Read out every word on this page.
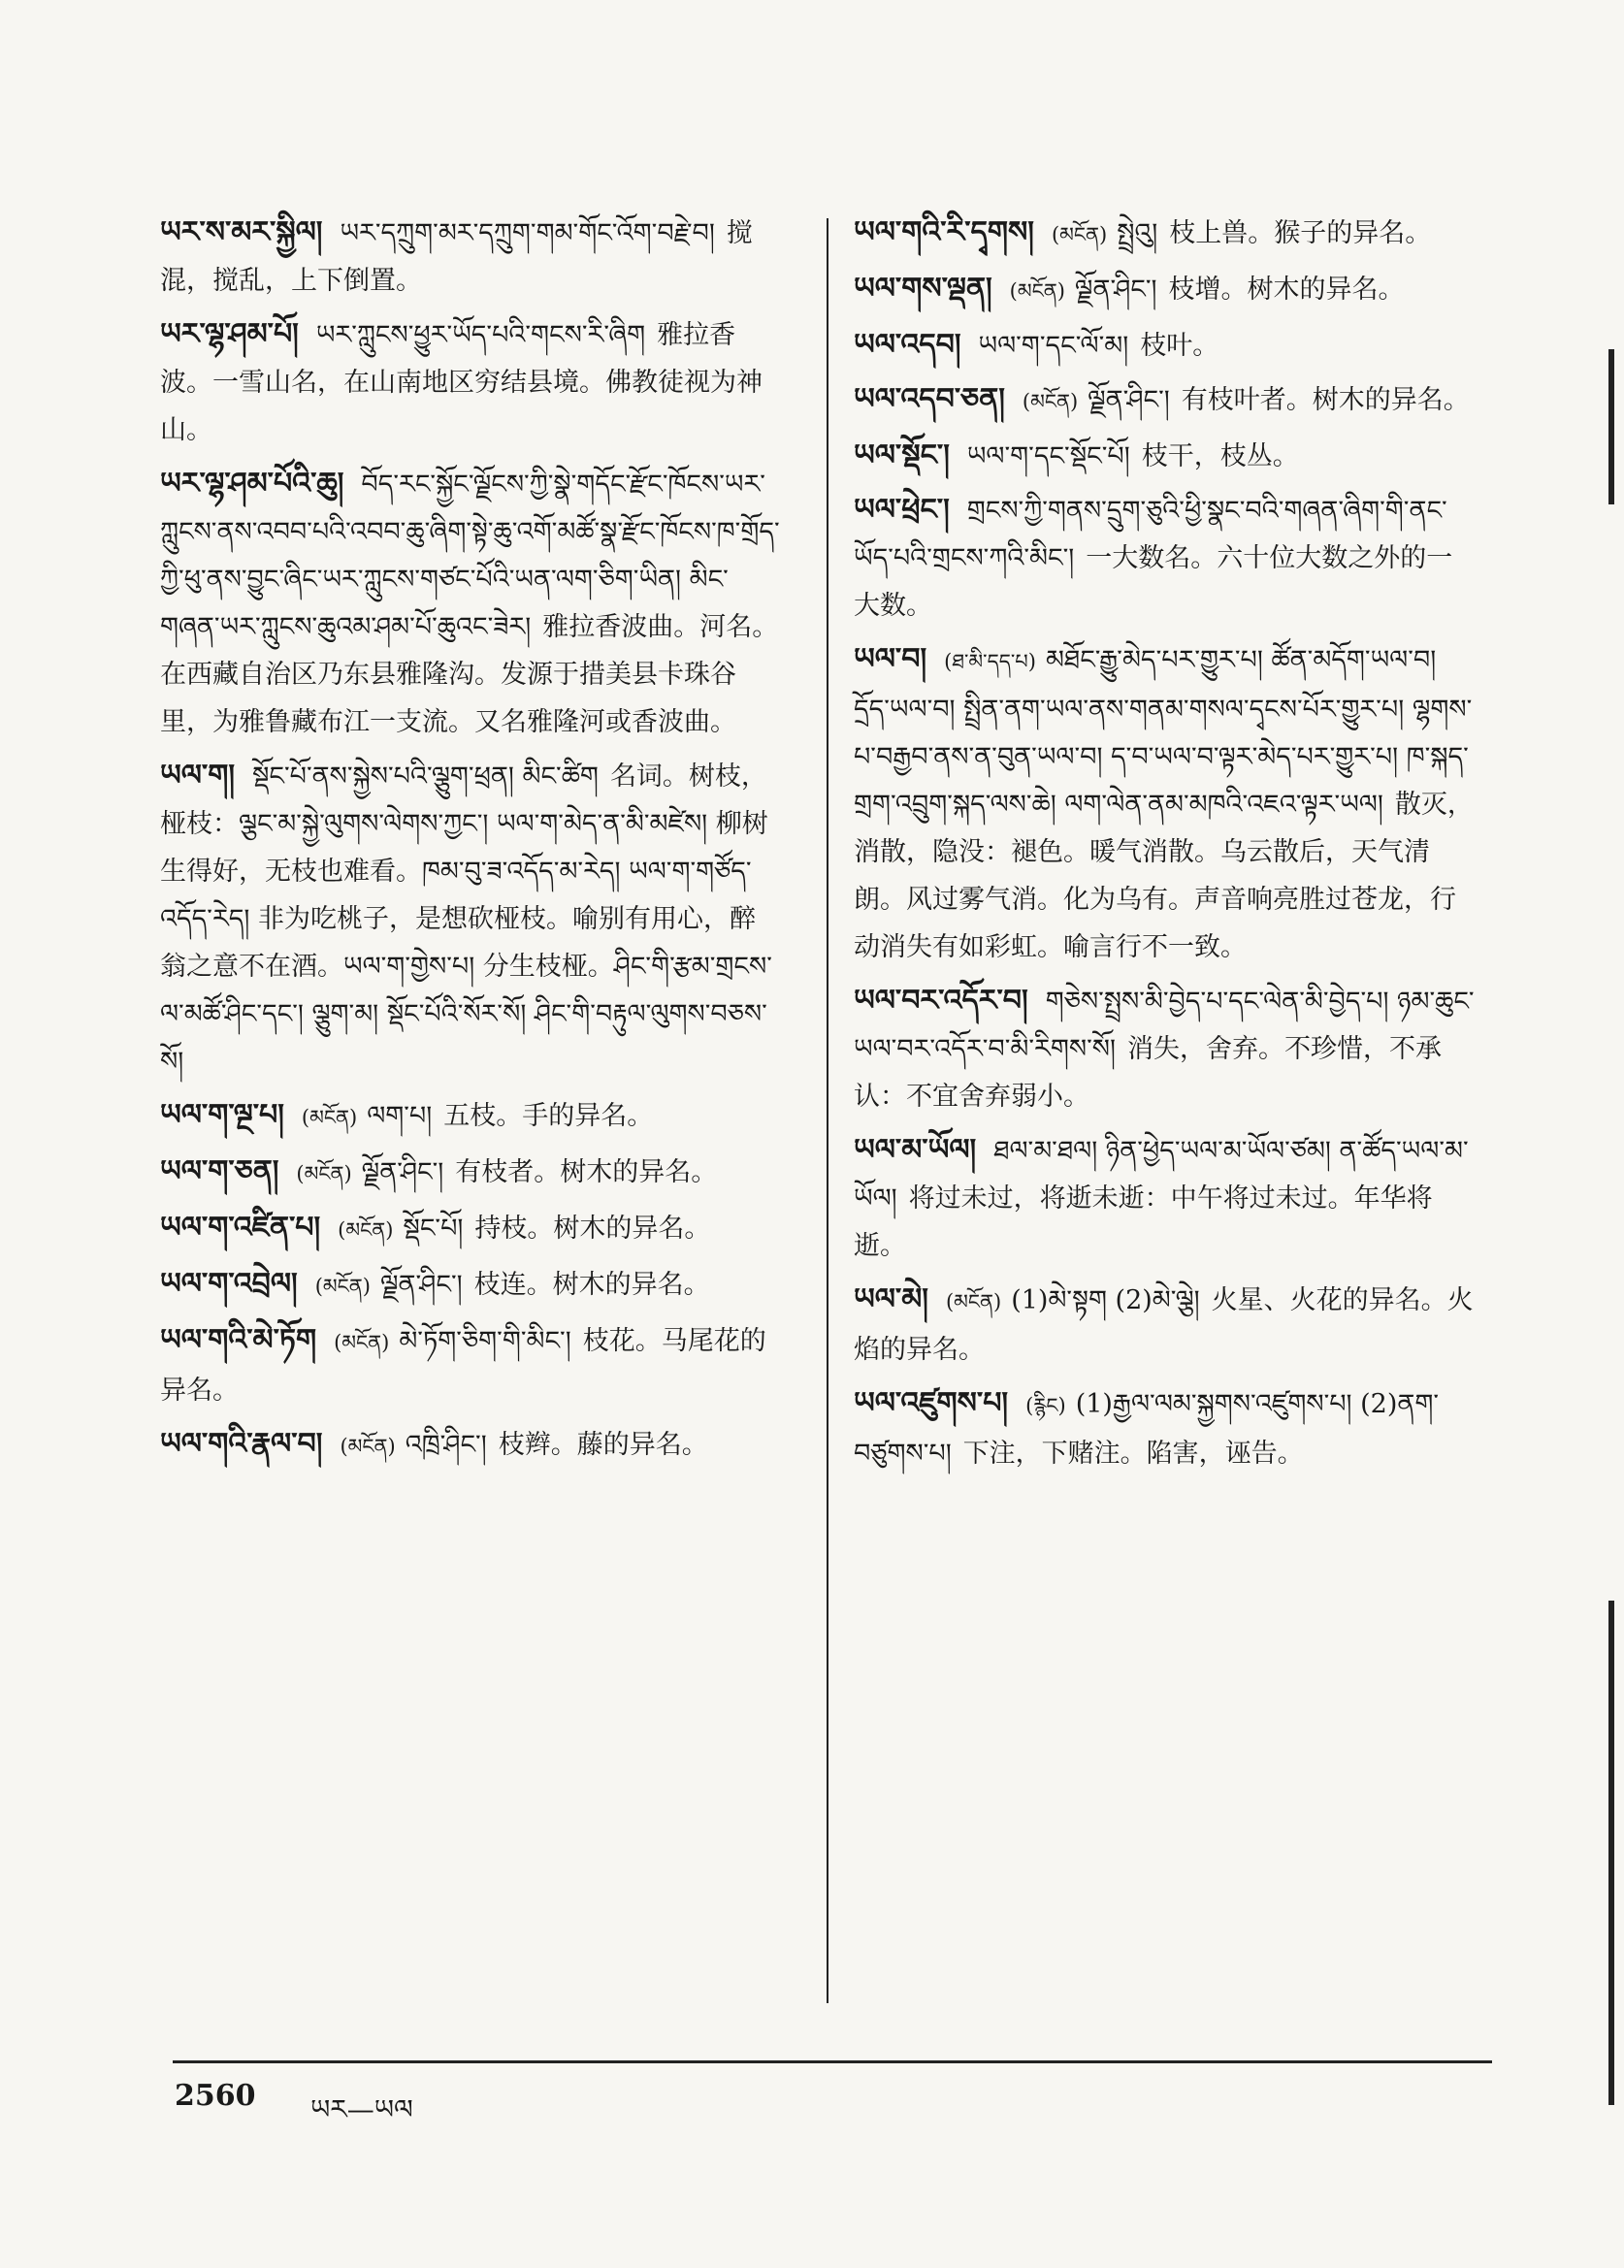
ཡར་ས་མར་སྐྱིལ། ཡར་དཀྲུག་མར་དཀྲུག་གམ་གོང་འོག་བརྗེ་བ། 搅混，搅乱，上下倒置。
ཡར་ལྷ་ཤམ་པོ། ཡར་ཀླུངས་ཕྱུར་ཡོད་པའི་གངས་རི་ཞིག 雅拉香波。一雪山名，在山南地区穷结县境。佛教徒视为神山。
ཡར་ལྷ་ཤམ་པོའི་ཆུ། བོད་རང་སྐྱོང་ལྗོངས་ཀྱི་སྣེ་གདོང་རྫོང་ཁོངས་ཡར་ཀླུངས་ནས་འབབ་པའི་འབབ་ཆུ་ཞིག་སྟེ་ཆུ་འགོ་མཚོ་སྣ་རྫོང་ཁོངས་ཁ་གྲོད་ཀྱི་ཕུ་ནས་བྱུང་ཞིང་ཡར་ཀླུངས་གཙང་པོའི་ཡན་ལག་ཅིག་ཡིན། མིང་གཞན་ཡར་ཀླུངས་ཆུའམ་ཤམ་པོ་ཆུའང་ཟེར། 雅拉香波曲。河名。在西藏自治区乃东县雅隆沟。发源于措美县卡珠谷里，为雅鲁藏布江一支流。又名雅隆河或香波曲。
ཡལ་ག། སྡོང་པོ་ནས་སྐྱེས་པའི་ལྕུག་ཕྲན། མིང་ཚིག 名词。树枝，桠枝：ལྕང་མ་སྐྱེ་ལུགས་ལེགས་ཀྱང་། ཡལ་ག་མེད་ན་མི་མཛེས། 柳树生得好，无枝也难看。ཁམ་བུ་ཟ་འདོད་མ་རེད། ཡལ་ག་གཙོད་འདོད་རེད། 非为吃桃子，是想砍桠枝。喻别有用心，醉翁之意不在酒。ཡལ་ག་གྱེས་པ། 分生枝桠。ཤིང་གི་རྩམ་གྲངས་ལ་མཚོ་ཤིང་དང་། ལྕུག་མ། སྡོང་པོའི་སོར་སོ། ཤིང་གི་བརྟུལ་ལུགས་བཅས་སོ།
ཡལ་ག་ལྔ་པ། (མངོན) ལག་པ། 五枝。手的异名。
ཡལ་ག་ཅན། (མངོན) ལྗོན་ཤིང་། 有枝者。树木的异名。
ཡལ་ག་འཛིན་པ། (མངོན) སྡོང་པོ། 持枝。树木的异名。
ཡལ་ག་འབྲེལ། (མངོན) ལྗོན་ཤིང་། 枝连。树木的异名。
ཡལ་གའི་མེ་ཏོག (མངོན) མེ་ཏོག་ཅིག་གི་མིང་། 枝花。马尾花的异名。
ཡལ་གའི་རྣལ་བ། (མངོན) འཁྲི་ཤིང་། 枝辫。藤的异名。
ཡལ་གའི་རི་དྭགས། (མངོན) སྤྲེའུ། 枝上兽。猴子的异名。
ཡལ་གས་ལྡན། (མངོན) ལྗོན་ཤིང་། 枝增。树木的异名。
ཡལ་འདབ། ཡལ་ག་དང་ལོ་མ། 枝叶。
ཡལ་འདབ་ཅན། (མངོན) ལྗོན་ཤིང་། 有枝叶者。树木的异名。
ཡལ་སྡོང་། ཡལ་ག་དང་སྡོང་པོ། 枝干，枝丛。
ཡལ་ཕྲེང་། གྲངས་ཀྱི་གནས་དྲུག་ཅུའི་ཕྱི་སྣང་བའི་གཞན་ཞིག་གི་ནང་ཡོད་པའི་གྲངས་ཀའི་མིང་། 一大数名。六十位大数之外的一大数。
ཡལ་བ། (ཐ་མི་དད་པ) མཐོང་རྒྱུ་མེད་པར་གྱུར་པ། ཚོན་མདོག་ཡལ་བ། དྲོད་ཡལ་བ། སྤྲིན་ནག་ཡལ་ནས་གནམ་གསལ་དྭངས་པོར་གྱུར་པ། ལྷགས་པ་བརྒྱབ་ནས་ན་བུན་ཡལ་བ། ད་བ་ཡལ་བ་ལྟར་མེད་པར་གྱུར་པ། ཁ་སྐད་གྲག་འབྲུག་སྐད་ལས་ཆེ། ལག་ལེན་ནམ་མཁའི་འཇའ་ལྟར་ཡལ། 散灭，消散，隐没：褪色。暖气消散。乌云散后，天气清朗。风过雾气消。化为乌有。声音响亮胜过苍龙，行动消失有如彩虹。喻言行不一致。
ཡལ་བར་འདོར་བ། གཅེས་སྤྲས་མི་བྱེད་པ་དང་ལེན་མི་བྱེད་པ། ཉམ་ཆུང་ཡལ་བར་འདོར་བ་མི་རིགས་སོ། 消失，舍弃。不珍惜，不承认：不宜舍弃弱小。
ཡལ་མ་ཡོལ། ཐལ་མ་ཐལ། ཉིན་ཕྱེད་ཡལ་མ་ཡོལ་ཙམ། ན་ཚོད་ཡལ་མ་ཡོལ། 将过未过，将逝未逝：中午将过未过。年华将逝。
ཡལ་མེ། (མངོན) (1)མེ་སྟག (2)མེ་ལྕེ། 火星、火花的异名。火焰的异名。
ཡལ་འཛུགས་པ། (རྙིང) (1)རྒྱལ་ལམ་སྐྱགས་འཛུགས་པ། (2)ནག་བཙུགས་པ། 下注，下赌注。陷害，诬告。
2560 ཡར—ཡལ
